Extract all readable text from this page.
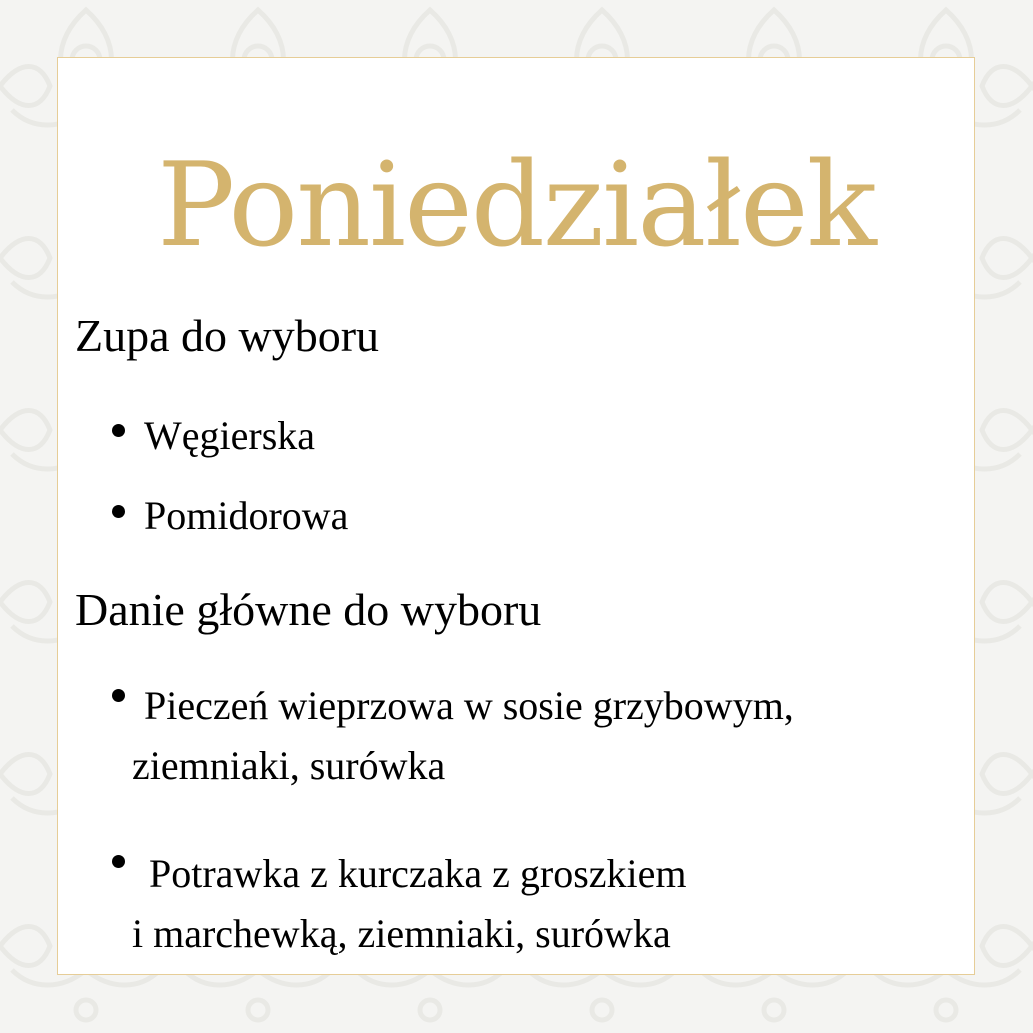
Poniedziałek
Zupa do wyboru
Węgierska
Pomidorowa
Danie główne do wyboru
Pieczeń wieprzowa w sosie grzybowym,
ziemniaki, surówka
Potrawka z kurczaka z groszkiem
i marchewką, ziemniaki, surówka
